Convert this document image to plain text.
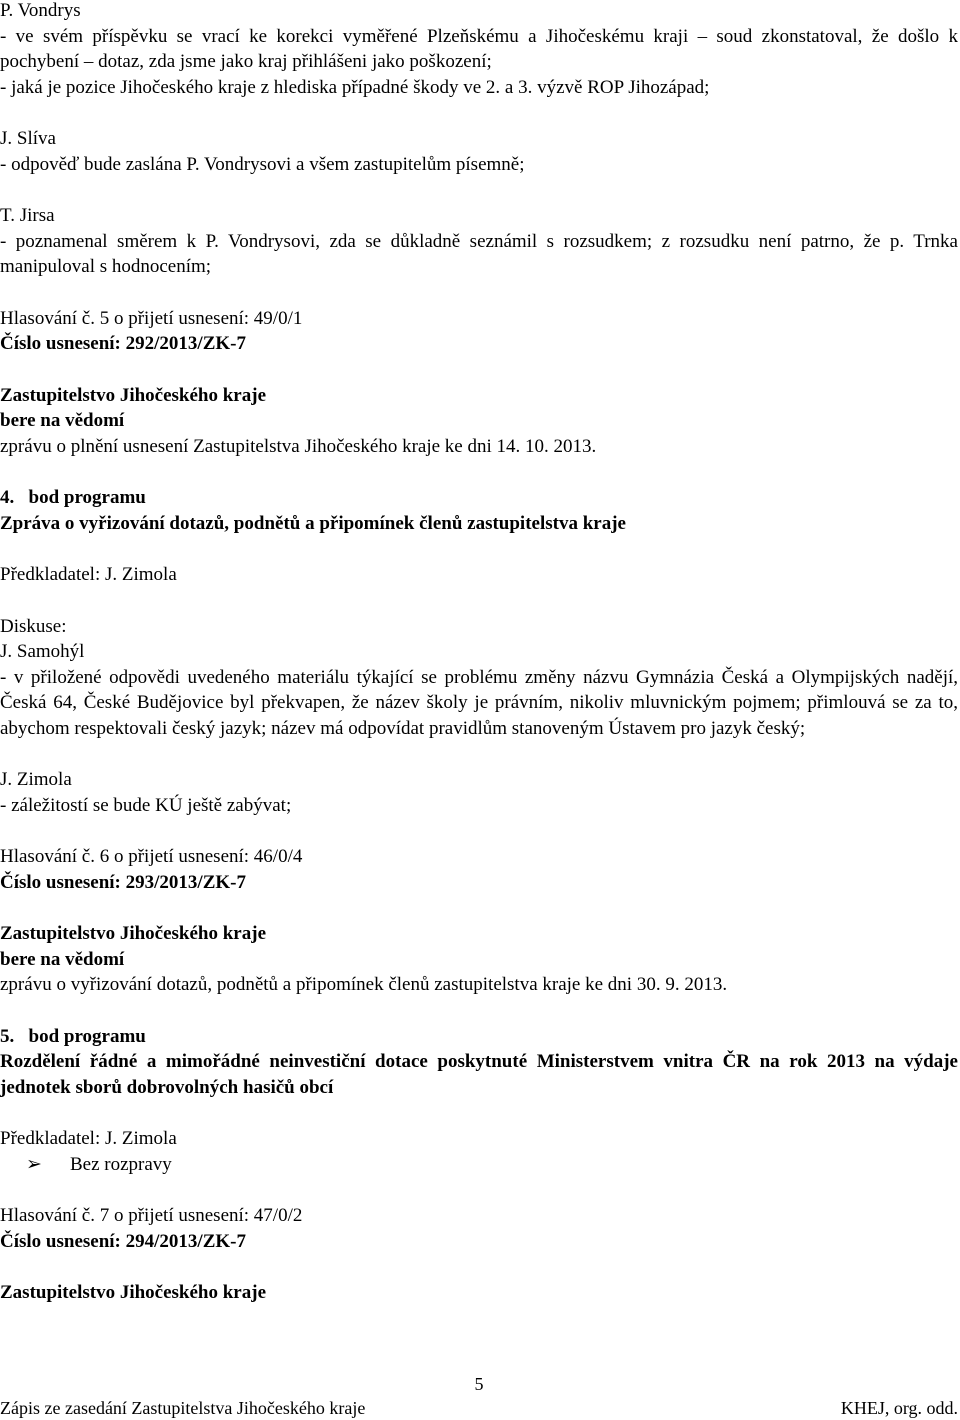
P. Vondrys

- ve svém příspěvku se vrací ke korekci vyměřené Plzeňskému a Jihočeskému kraji – soud zkonstatoval, že došlo k pochybení – dotaz, zda jsme jako kraj přihlášeni jako poškození;

- jaká je pozice Jihočeského kraje z hlediska případné škody ve 2. a 3. výzvě ROP Jihozápad;

J. Slíva

- odpověď bude zaslána P. Vondrysovi a všem zastupitelům písemně;

T. Jirsa

- poznamenal směrem k P. Vondrysovi, zda se důkladně seznámil s rozsudkem; z rozsudku není patrno, že p. Trnka manipuloval s hodnocením;

Hlasování č. 5 o přijetí usnesení: 49/0/1

Číslo usnesení: 292/2013/ZK-7

Zastupitelstvo Jihočeského kraje

bere na vědomí

zprávu o plnění usnesení Zastupitelstva Jihočeského kraje ke dni 14. 10. 2013.

4.   bod programu

Zpráva o vyřizování dotazů, podnětů a připomínek členů zastupitelstva kraje

Předkladatel: J. Zimola

Diskuse:

J. Samohýl

- v přiložené odpovědi uvedeného materiálu týkající se problému změny názvu Gymnázia Česká a Olympijských nadějí, Česká 64, České Budějovice byl překvapen, že název školy je právním, nikoliv mluvnickým pojmem; přimlouvá se za to, abychom respektovali český jazyk; název má odpovídat pravidlům stanoveným Ústavem pro jazyk český;

J. Zimola

- záležitostí se bude KÚ ještě zabývat;

Hlasování č. 6 o přijetí usnesení: 46/0/4

Číslo usnesení: 293/2013/ZK-7

Zastupitelstvo Jihočeského kraje

bere na vědomí

zprávu o vyřizování dotazů, podnětů a připomínek členů zastupitelstva kraje ke dni 30. 9. 2013.

5.   bod programu

Rozdělení řádné a mimořádné neinvestiční dotace poskytnuté Ministerstvem vnitra ČR na rok 2013 na výdaje jednotek sborů dobrovolných hasičů obcí

Předkladatel: J. Zimola

➢ Bez rozpravy

Hlasování č. 7 o přijetí usnesení: 47/0/2

Číslo usnesení: 294/2013/ZK-7

Zastupitelstvo Jihočeského kraje

5
Zápis ze zasedání Zastupitelstva Jihočeského kraje	KHEJ, org. odd.
